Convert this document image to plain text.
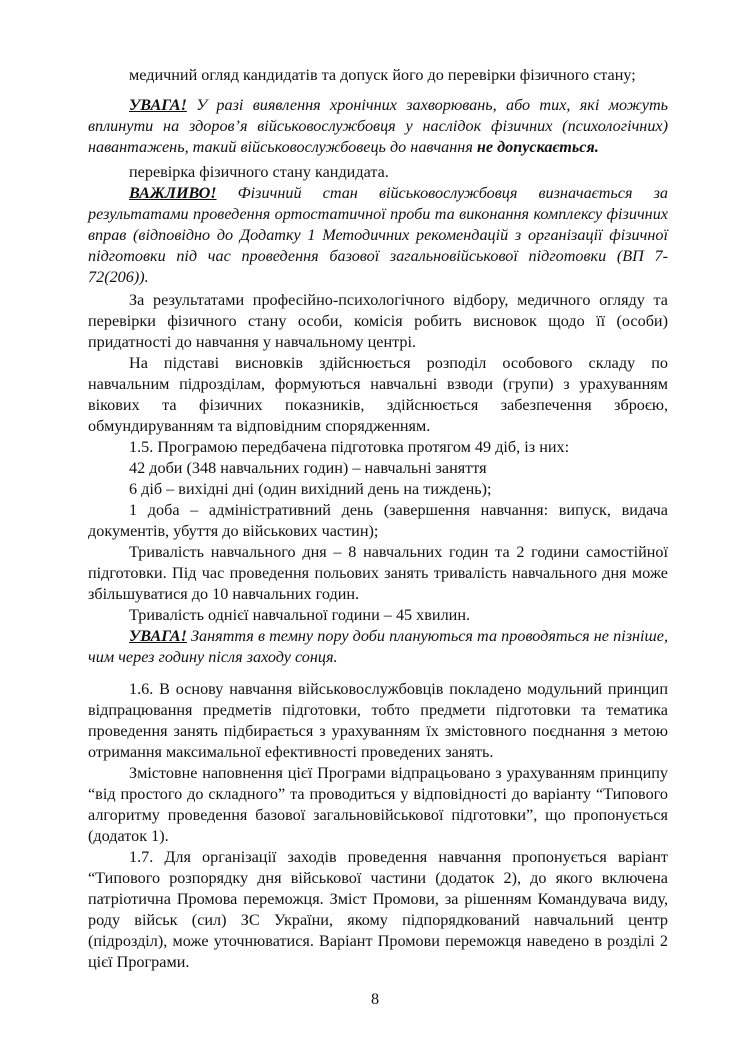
медичний огляд кандидатів та допуск його до перевірки фізичного стану;

УВАГА! У разі виявлення хронічних захворювань, або тих, які можуть вплинути на здоров’я військовослужбовця у наслідок фізичних (психологічних) навантажень, такий військовослужбовець до навчання не допускається.

перевірка фізичного стану кандидата.

ВАЖЛИВО! Фізичний стан військовослужбовця визначається за результатами проведення ортостатичної проби та виконання комплексу фізичних вправ (відповідно до Додатку 1 Методичних рекомендацій з організації фізичної підготовки під час проведення базової загальновійськової підготовки (ВП 7-72(206)).

За результатами професійно-психологічного відбору, медичного огляду та перевірки фізичного стану особи, комісія робить висновок щодо її (особи) придатності до навчання у навчальному центрі.

На підставі висновків здійснюється розподіл особового складу по навчальним підрозділам, формуються навчальні взводи (групи) з урахуванням вікових та фізичних показників, здійснюється забезпечення зброєю, обмундируванням та відповідним спорядженням.

1.5. Програмою передбачена підготовка протягом 49 діб, із них:

42 доби (348 навчальних годин) – навчальні заняття

6 діб – вихідні дні (один вихідний день на тиждень);

1 доба – адміністративний день (завершення навчання: випуск, видача документів, убуття до військових частин);

Тривалість навчального дня – 8 навчальних годин та 2 години самостійної підготовки. Під час проведення польових занять тривалість навчального дня може збільшуватися до 10 навчальних годин.

Тривалість однієї навчальної години – 45 хвилин.

УВАГА! Заняття в темну пору доби плануються та проводяться не пізніше, чим через годину після заходу сонця.

1.6. В основу навчання військовослужбовців покладено модульний принцип відпрацювання предметів підготовки, тобто предмети підготовки та тематика проведення занять підбирається з урахуванням їх змістовного поєднання з метою отримання максимальної ефективності проведених занять.

Змістовне наповнення цієї Програми відпрацьовано з урахуванням принципу “від простого до складного” та проводиться у відповідності до варіанту “Типового алгоритму проведення базової загальновійськової підготовки”, що пропонується (додаток 1).

1.7. Для організації заходів проведення навчання пропонується варіант “Типового розпорядку дня військової частини (додаток 2), до якого включена патріотична Промова переможця. Зміст Промови, за рішенням Командувача виду, роду військ (сил) ЗС України, якому підпорядкований навчальний центр (підрозділ), може уточнюватися. Варіант Промови переможця наведено в розділі 2 цієї Програми.

8
